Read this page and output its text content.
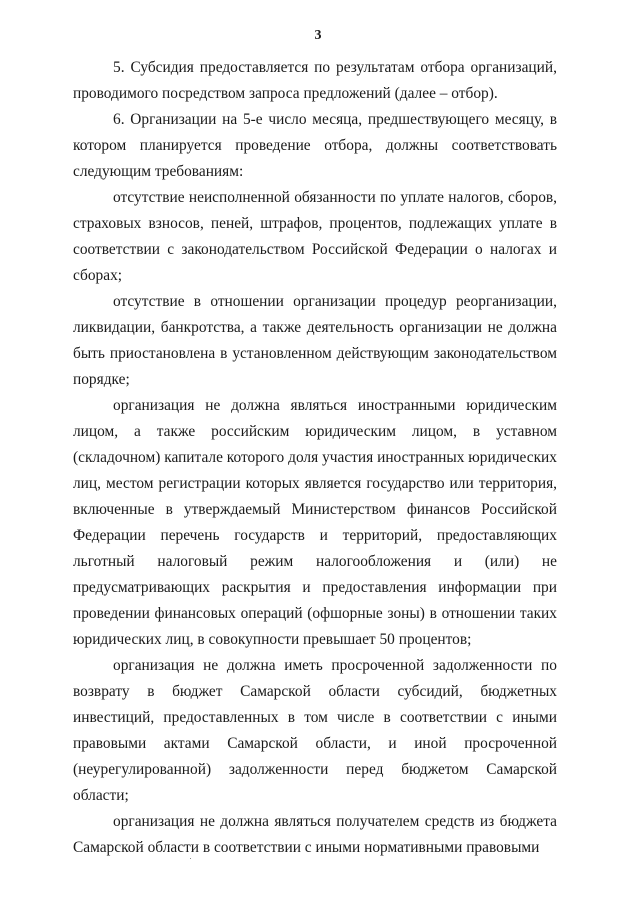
3

5. Субсидия предоставляется по результатам отбора организаций, проводимого посредством запроса предложений (далее – отбор).

6. Организации на 5-е число месяца, предшествующего месяцу, в котором планируется проведение отбора, должны соответствовать следующим требованиям:

отсутствие неисполненной обязанности по уплате налогов, сборов, страховых взносов, пеней, штрафов, процентов, подлежащих уплате в соответствии с законодательством Российской Федерации о налогах и сборах;

отсутствие в отношении организации процедур реорганизации, ликвидации, банкротства, а также деятельность организации не должна быть приостановлена в установленном действующим законодательством порядке;

организация не должна являться иностранными юридическим лицом, а также российским юридическим лицом, в уставном (складочном) капитале которого доля участия иностранных юридических лиц, местом регистрации которых является государство или территория, включенные в утверждаемый Министерством финансов Российской Федерации перечень государств и территорий, предоставляющих льготный налоговый режим налогообложения и (или) не предусматривающих раскрытия и предоставления информации при проведении финансовых операций (офшорные зоны) в отношении таких юридических лиц, в совокупности превышает 50 процентов;

организация не должна иметь просроченной задолженности по возврату в бюджет Самарской области субсидий, бюджетных инвестиций, предоставленных в том числе в соответствии с иными правовыми актами Самарской области, и иной просроченной (неурегулированной) задолженности перед бюджетом Самарской области;

организация не должна являться получателем средств из бюджета Самарской области в соответствии с иными нормативными правовыми
